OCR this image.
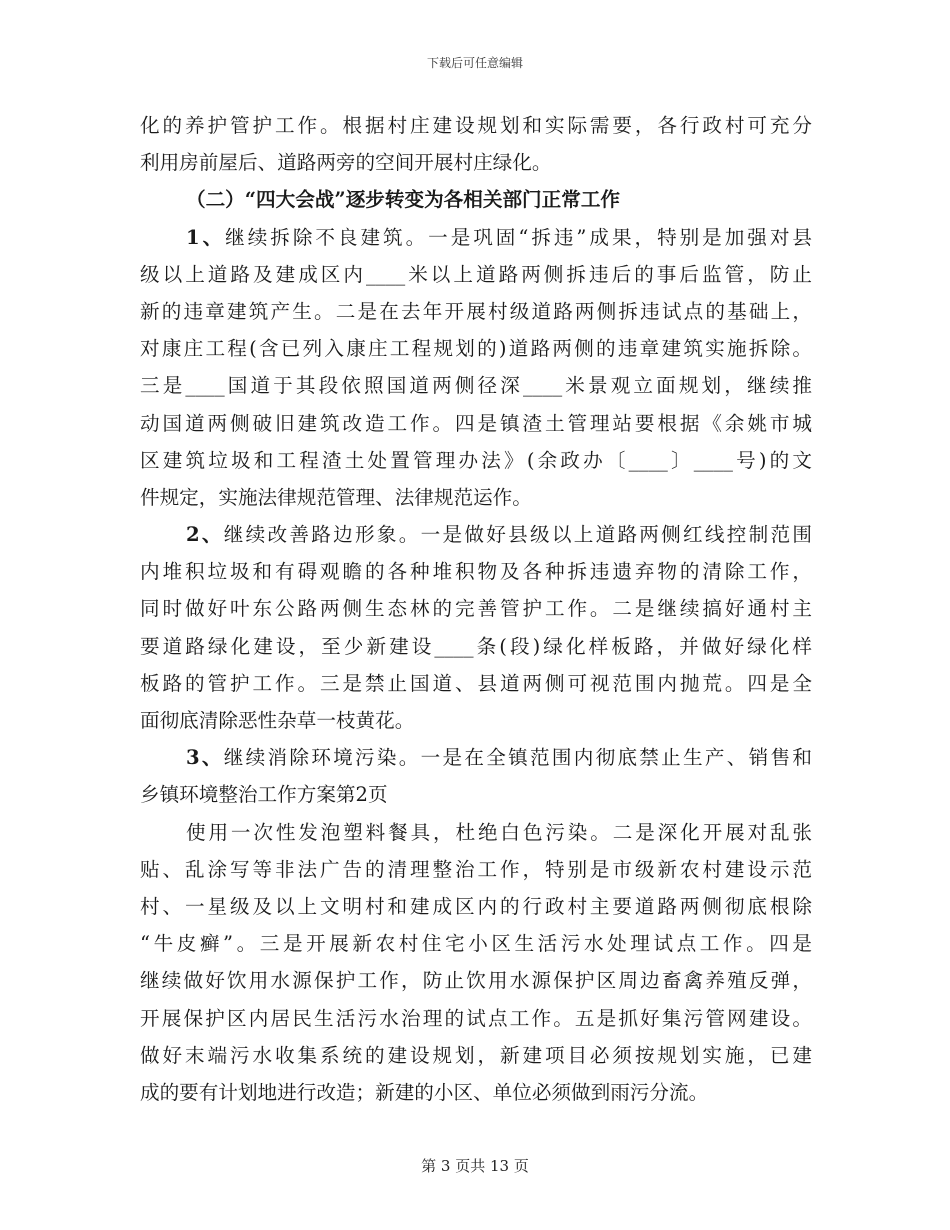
下载后可任意编辑
化的养护管护工作。根据村庄建设规划和实际需要，各行政村可充分
利用房前屋后、道路两旁的空间开展村庄绿化。
（二）“四大会战”逐步转变为各相关部门正常工作
1、继续拆除不良建筑。一是巩固“拆违”成果，特别是加强对县
级以上道路及建成区内____米以上道路两侧拆违后的事后监管，防止
新的违章建筑产生。二是在去年开展村级道路两侧拆违试点的基础上，
对康庄工程(含已列入康庄工程规划的)道路两侧的违章建筑实施拆除。
三是____国道于其段依照国道两侧径深____米景观立面规划，继续推
动国道两侧破旧建筑改造工作。四是镇渣土管理站要根据《余姚市城
区建筑垃圾和工程渣土处置管理办法》(余政办〔____〕____号)的文
件规定，实施法律规范管理、法律规范运作。
2、继续改善路边形象。一是做好县级以上道路两侧红线控制范围
内堆积垃圾和有碍观瞻的各种堆积物及各种拆违遗弃物的清除工作，
同时做好叶东公路两侧生态林的完善管护工作。二是继续搞好通村主
要道路绿化建设，至少新建设____条(段)绿化样板路，并做好绿化样
板路的管护工作。三是禁止国道、县道两侧可视范围内抛荒。四是全
面彻底清除恶性杂草一枝黄花。
3、继续消除环境污染。一是在全镇范围内彻底禁止生产、销售和
乡镇环境整治工作方案第2页
使用一次性发泡塑料餐具，杜绝白色污染。二是深化开展对乱张
贴、乱涂写等非法广告的清理整治工作，特别是市级新农村建设示范
村、一星级及以上文明村和建成区内的行政村主要道路两侧彻底根除
“牛皮癣”。三是开展新农村住宅小区生活污水处理试点工作。四是
继续做好饮用水源保护工作，防止饮用水源保护区周边畜禽养殖反弹，
开展保护区内居民生活污水治理的试点工作。五是抓好集污管网建设。
做好末端污水收集系统的建设规划，新建项目必须按规划实施，已建
成的要有计划地进行改造；新建的小区、单位必须做到雨污分流。
第 3 页共 13 页
